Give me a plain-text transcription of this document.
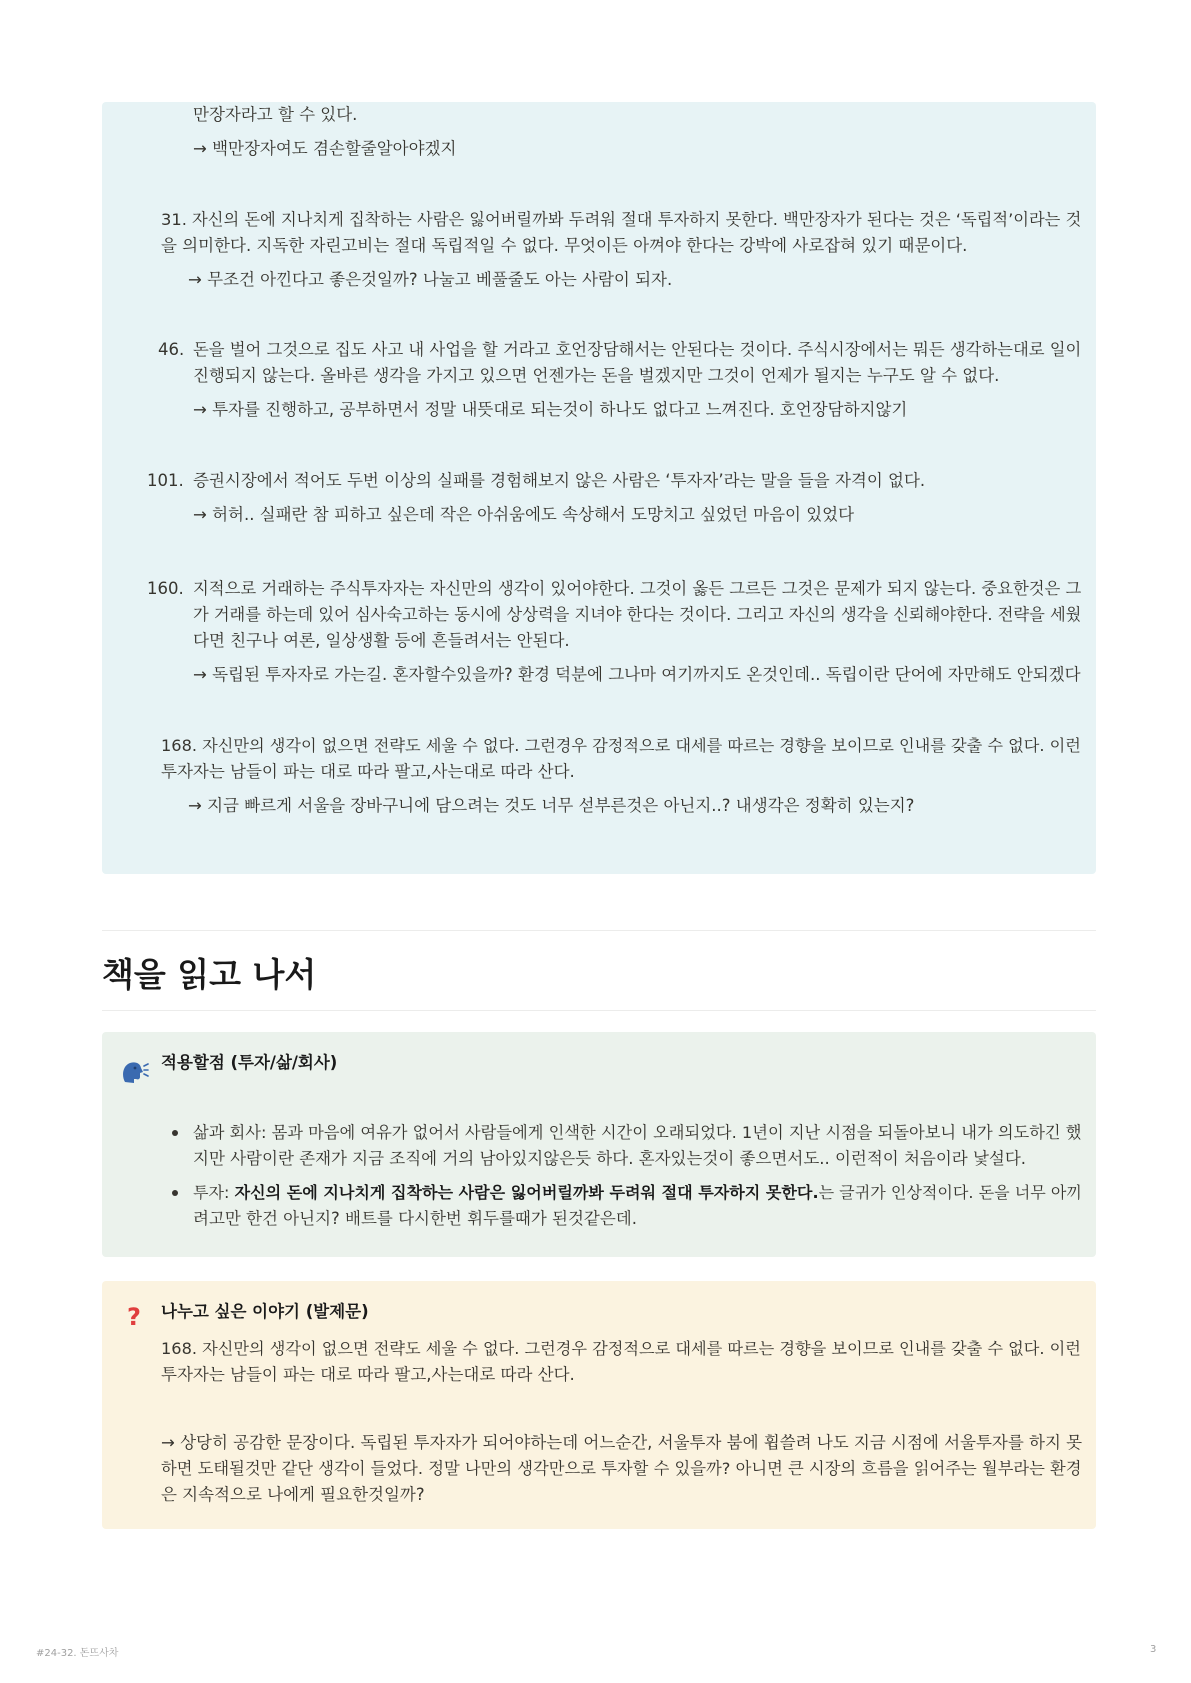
만장자라고 할 수 있다.
→ 백만장자여도 겸손할줄알아야겠지
31. 자신의 돈에 지나치게 집착하는 사람은 잃어버릴까봐 두려워 절대 투자하지 못한다. 백만장자가 된다는 것은 ‘독립적’이라는 것
을 의미한다. 지독한 자린고비는 절대 독립적일 수 없다. 무엇이든 아껴야 한다는 강박에 사로잡혀 있기 때문이다.
→ 무조건 아낀다고 좋은것일까? 나눌고 베풀줄도 아는 사람이 되자.
46. 돈을 벌어 그것으로 집도 사고 내 사업을 할 거라고 호언장담해서는 안된다는 것이다. 주식시장에서는 뭐든 생각하는대로 일이
진행되지 않는다. 올바른 생각을 가지고 있으면 언젠가는 돈을 벌겠지만 그것이 언제가 될지는 누구도 알 수 없다.
→ 투자를 진행하고, 공부하면서 정말 내뜻대로 되는것이 하나도 없다고 느껴진다. 호언장담하지않기
101. 증권시장에서 적어도 두번 이상의 실패를 경험해보지 않은 사람은 ‘투자자’라는 말을 들을 자격이 없다.
→ 허허.. 실패란 참 피하고 싶은데 작은 아쉬움에도 속상해서 도망치고 싶었던 마음이 있었다
160. 지적으로 거래하는 주식투자자는 자신만의 생각이 있어야한다. 그것이 옳든 그르든 그것은 문제가 되지 않는다. 중요한것은 그
가 거래를 하는데 있어 심사숙고하는 동시에 상상력을 지녀야 한다는 것이다. 그리고 자신의 생각을 신뢰해야한다. 전략을 세웠
다면 친구나 여론, 일상생활 등에 흔들려서는 안된다.
→ 독립된 투자자로 가는길. 혼자할수있을까? 환경 덕분에 그나마 여기까지도 온것인데.. 독립이란 단어에 자만해도 안되겠다
168. 자신만의 생각이 없으면 전략도 세울 수 없다. 그런경우 감정적으로 대세를 따르는 경향을 보이므로 인내를 갖출 수 없다. 이런
투자자는 남들이 파는 대로 따라 팔고,사는대로 따라 산다.
→ 지금 빠르게 서울을 장바구니에 담으려는 것도 너무 섣부른것은 아닌지..? 내생각은 정확히 있는지?
책을 읽고 나서
적용할점 (투자/삶/회사)
삶과 회사: 몸과 마음에 여유가 없어서 사람들에게 인색한 시간이 오래되었다. 1년이 지난 시점을 되돌아보니 내가 의도하긴 했
지만 사람이란 존재가 지금 조직에 거의 남아있지않은듯 하다. 혼자있는것이 좋으면서도.. 이런적이 처음이라 낯설다.
투자: 자신의 돈에 지나치게 집착하는 사람은 잃어버릴까봐 두려워 절대 투자하지 못한다.는 글귀가 인상적이다. 돈을 너무 아끼
려고만 한건 아닌지? 배트를 다시한번 휘두를때가 된것같은데.
? 나누고 싶은 이야기 (발제문)
168. 자신만의 생각이 없으면 전략도 세울 수 없다. 그런경우 감정적으로 대세를 따르는 경향을 보이므로 인내를 갖출 수 없다. 이런
투자자는 남들이 파는 대로 따라 팔고,사는대로 따라 산다.
→ 상당히 공감한 문장이다. 독립된 투자자가 되어야하는데 어느순간, 서울투자 붐에 휩쓸려 나도 지금 시점에 서울투자를 하지 못
하면 도태될것만 같단 생각이 들었다. 정말 나만의 생각만으로 투자할 수 있을까? 아니면 큰 시장의 흐름을 읽어주는 월부라는 환경
은 지속적으로 나에게 필요한것일까?
#24-32. 돈뜨사차	3
